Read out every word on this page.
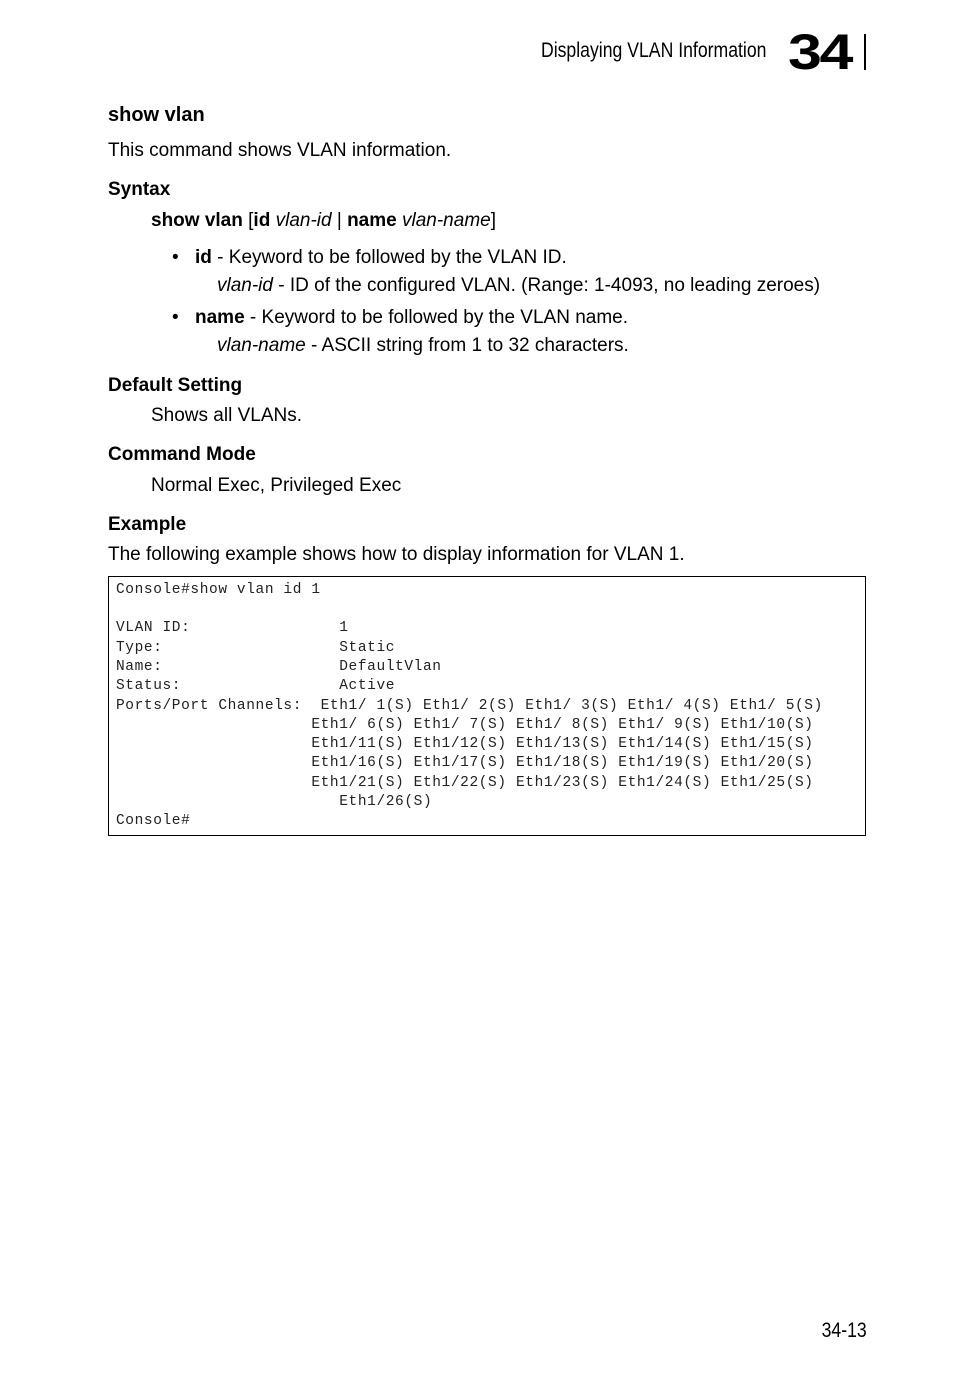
Displaying VLAN Information 34
show vlan
This command shows VLAN information.
Syntax
show vlan [id vlan-id | name vlan-name]
• id - Keyword to be followed by the VLAN ID.
vlan-id - ID of the configured VLAN. (Range: 1-4093, no leading zeroes)
• name - Keyword to be followed by the VLAN name.
vlan-name - ASCII string from 1 to 32 characters.
Default Setting
Shows all VLANs.
Command Mode
Normal Exec, Privileged Exec
Example
The following example shows how to display information for VLAN 1.
Console#show vlan id 1
VLAN ID:                1
Type:                   Static
Name:                   DefaultVlan
Status:                 Active
Ports/Port Channels:  Eth1/ 1(S) Eth1/ 2(S) Eth1/ 3(S) Eth1/ 4(S) Eth1/ 5(S)
Eth1/ 6(S) Eth1/ 7(S) Eth1/ 8(S) Eth1/ 9(S) Eth1/10(S)
Eth1/11(S) Eth1/12(S) Eth1/13(S) Eth1/14(S) Eth1/15(S)
Eth1/16(S) Eth1/17(S) Eth1/18(S) Eth1/19(S) Eth1/20(S)
Eth1/21(S) Eth1/22(S) Eth1/23(S) Eth1/24(S) Eth1/25(S)
Eth1/26(S)
Console#
34-13
